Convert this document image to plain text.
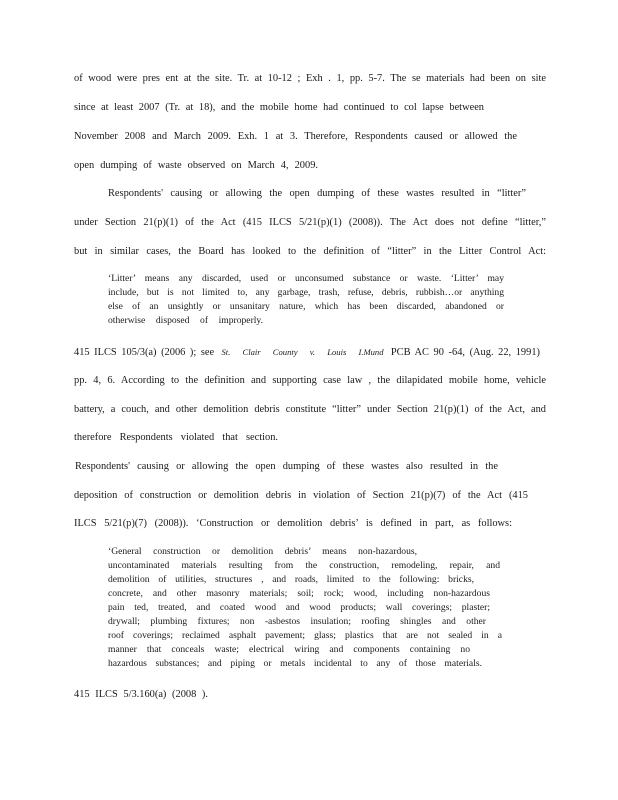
of wood were pres ent at the site. Tr. at 10-12 ; Exh . 1, pp. 5-7. The se materials had been on site
since at least 2007 (Tr. at 18), and the mobile home had continued to col lapse between
November 2008 and March 2009. Exh. 1 at 3. Therefore, Respondents caused or allowed the
open dumping of waste observed on March 4, 2009.
Respondents' causing or allowing the open dumping of these wastes resulted in “litter”
under Section 21(p)(1) of the Act (415 ILCS 5/21(p)(1) (2008)). The Act does not define “litter,”
but in similar cases, the Board has looked to the definition of “litter” in the Litter Control Act:
‘Litter’ means any discarded, used or unconsumed substance or waste. ‘Litter’ may
include, but is not limited to, any garbage, trash, refuse, debris, rubbish…or anything
else of an unsightly or unsanitary nature, which has been discarded, abandoned or
otherwise disposed of improperly.
415 ILCS 105/3(a) (2006 ); see St. Clair County v. Louis I.Mund PCB AC 90 -64, (Aug. 22, 1991)
pp. 4, 6. According to the definition and supporting case law , the dilapidated mobile home, vehicle
battery, a couch, and other demolition debris constitute “litter” under Section 21(p)(1) of the Act, and
therefore Respondents violated that section.
Respondents' causing or allowing the open dumping of these wastes also resulted in the
deposition of construction or demolition debris in violation of Section 21(p)(7) of the Act (415
ILCS 5/21(p)(7) (2008)). ‘Construction or demolition debris’ is defined in part, as follows:
‘General construction or demolition debris’ means non-hazardous,
uncontaminated materials resulting from the construction, remodeling, repair, and
demolition of utilities, structures , and roads, limited to the following: bricks,
concrete, and other masonry materials; soil; rock; wood, including non-hazardous
pain ted, treated, and coated wood and wood products; wall coverings; plaster;
drywall; plumbing fixtures; non -asbestos insulation; roofing shingles and other
roof coverings; reclaimed asphalt pavement; glass; plastics that are not sealed in a
manner that conceals waste; electrical wiring and components containing no
hazardous substances; and piping or metals incidental to any of those materials.
415 ILCS 5/3.160(a) (2008 ).
